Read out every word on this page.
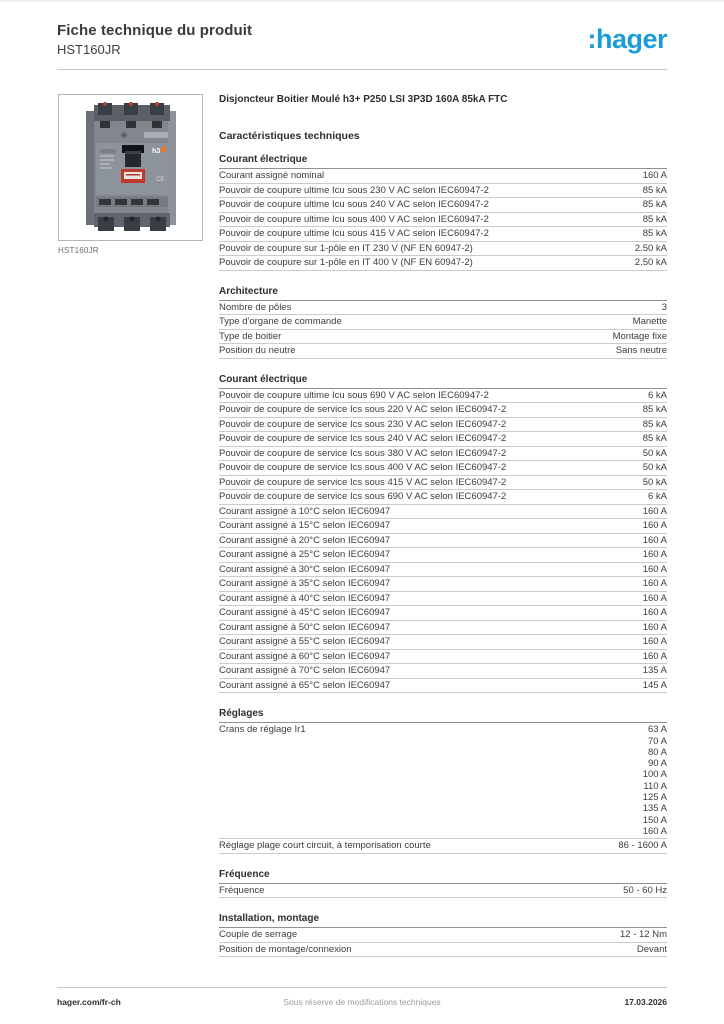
Fiche technique du produit
HST160JR	:hager
h3
CE
HST160JR
Disjoncteur Boitier Moulé h3+ P250 LSI 3P3D 160A 85kA FTC
Caractéristiques techniques
Courant électrique
Courant assigné nominal	160 A
Pouvoir de coupure ultime Icu sous 230 V AC selon IEC60947-2	85 kA
Pouvoir de coupure ultime Icu sous 240 V AC selon IEC60947-2	85 kA
Pouvoir de coupure ultime Icu sous 400 V AC selon IEC60947-2	85 kA
Pouvoir de coupure ultime Icu sous 415 V AC selon IEC60947-2	85 kA
Pouvoir de coupure sur 1-pôle en IT 230 V (NF EN 60947-2)	2.50 kA
Pouvoir de coupure sur 1-pôle en IT 400 V (NF EN 60947-2)	2.50 kA
Architecture
Nombre de pôles	3
Type d'organe de commande	Manette
Type de boitier	Montage fixe
Position du neutre	Sans neutre
Courant électrique
Pouvoir de coupure ultime Icu sous 690 V AC selon IEC60947-2	6 kA
Pouvoir de coupure de service Ics sous 220 V AC selon IEC60947-2	85 kA
Pouvoir de coupure de service Ics sous 230 V AC selon IEC60947-2	85 kA
Pouvoir de coupure de service Ics sous 240 V AC selon IEC60947-2	85 kA
Pouvoir de coupure de service Ics sous 380 V AC selon IEC60947-2	50 kA
Pouvoir de coupure de service Ics sous 400 V AC selon IEC60947-2	50 kA
Pouvoir de coupure de service Ics sous 415 V AC selon IEC60947-2	50 kA
Pouvoir de coupure de service Ics sous 690 V AC selon IEC60947-2	6 kA
Courant assigné à 10°C selon IEC60947	160 A
Courant assigné à 15°C selon IEC60947	160 A
Courant assigné à 20°C selon IEC60947	160 A
Courant assigné à 25°C selon IEC60947	160 A
Courant assigné à 30°C selon IEC60947	160 A
Courant assigné à 35°C selon IEC60947	160 A
Courant assigné à 40°C selon IEC60947	160 A
Courant assigné à 45°C selon IEC60947	160 A
Courant assigné à 50°C selon IEC60947	160 A
Courant assigné à 55°C selon IEC60947	160 A
Courant assigné à 60°C selon IEC60947	160 A
Courant assigné à 70°C selon IEC60947	135 A
Courant assigné à 65°C selon IEC60947	145 A
Réglages
Crans de réglage Ir1	63 A
70 A
80 A
90 A
100 A
110 A
125 A
135 A
150 A
160 A
Réglage plage court circuit, à temporisation courte	86 - 1600 A
Fréquence
Fréquence	50 - 60 Hz
Installation, montage
Couple de serrage	12 - 12 Nm
Position de montage/connexion	Devant
hager.com/fr-ch	Sous réserve de modifications techniques	17.03.2026
